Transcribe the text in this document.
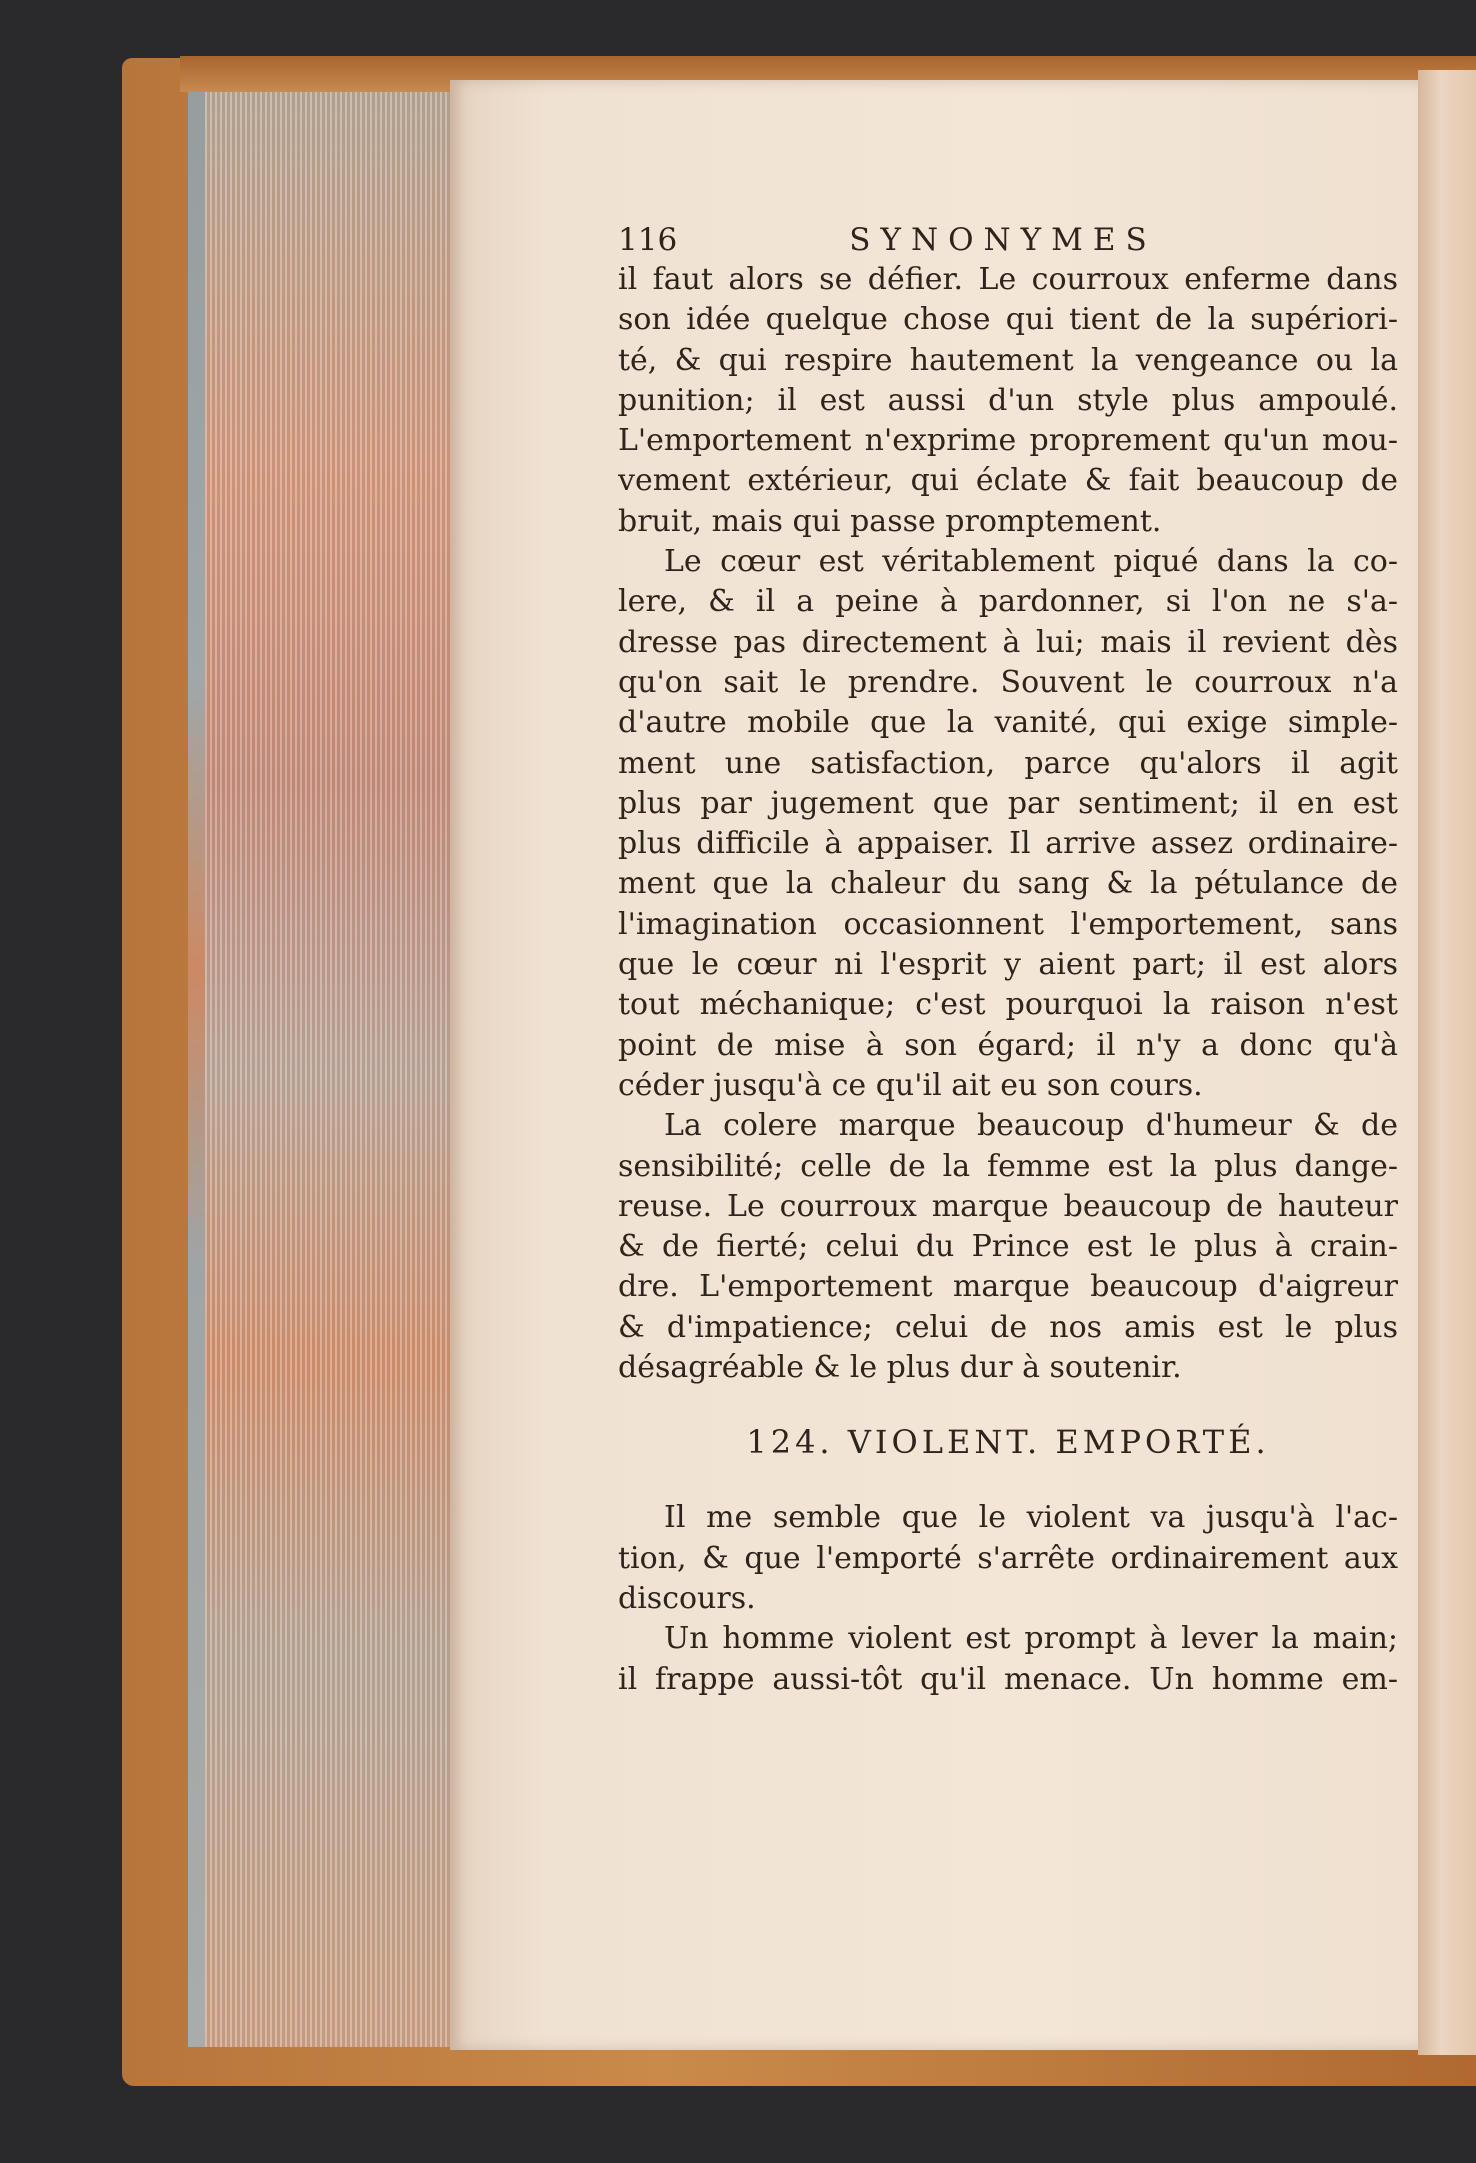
116	SYNONYMES
il faut alors se défier. Le courroux enferme dans
son idée quelque chose qui tient de la supériori-
té, & qui respire hautement la vengeance ou la
punition; il est aussi d'un style plus ampoulé.
L'emportement n'exprime proprement qu'un mou-
vement extérieur, qui éclate & fait beaucoup de
bruit, mais qui passe promptement.
Le cœur est véritablement piqué dans la co-
lere, & il a peine à pardonner, si l'on ne s'a-
dresse pas directement à lui; mais il revient dès
qu'on sait le prendre. Souvent le courroux n'a
d'autre mobile que la vanité, qui exige simple-
ment une satisfaction, parce qu'alors il agit
plus par jugement que par sentiment; il en est
plus difficile à appaiser. Il arrive assez ordinaire-
ment que la chaleur du sang & la pétulance de
l'imagination occasionnent l'emportement, sans
que le cœur ni l'esprit y aient part; il est alors
tout méchanique; c'est pourquoi la raison n'est
point de mise à son égard; il n'y a donc qu'à
céder jusqu'à ce qu'il ait eu son cours.
La colere marque beaucoup d'humeur & de
sensibilité; celle de la femme est la plus dange-
reuse. Le courroux marque beaucoup de hauteur
& de fierté; celui du Prince est le plus à crain-
dre. L'emportement marque beaucoup d'aigreur
& d'impatience; celui de nos amis est le plus
désagréable & le plus dur à soutenir.
124. VIOLENT. EMPORTÉ.
Il me semble que le violent va jusqu'à l'ac-
tion, & que l'emporté s'arrête ordinairement aux
discours.
Un homme violent est prompt à lever la main;
il frappe aussi-tôt qu'il menace. Un homme em-
